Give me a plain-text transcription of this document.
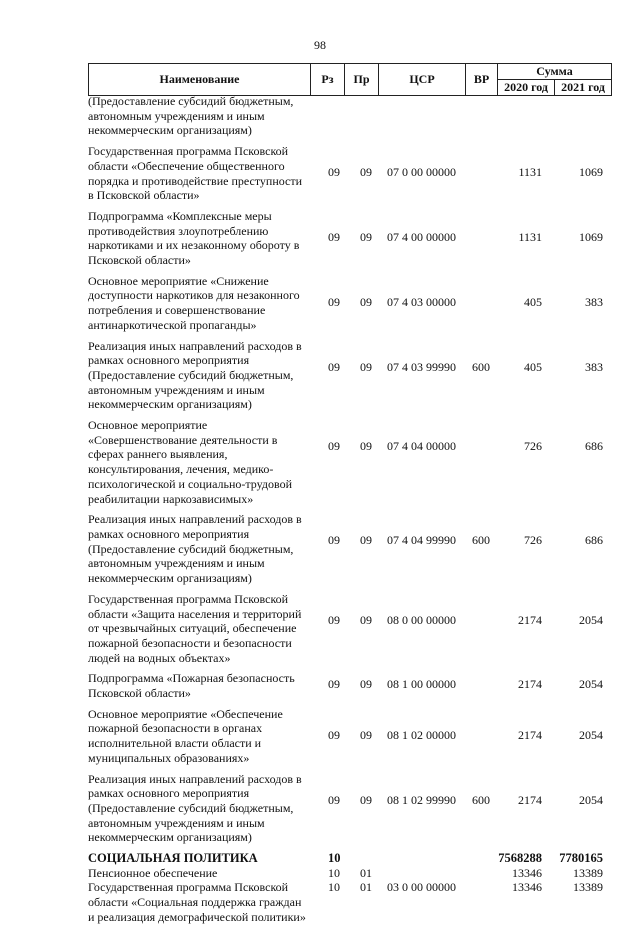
98
Наименование	Рз	Пр	ЦСР	ВР	Сумма	
					2020 год	2021 год
(Предоставление субсидий бюджетным, автономным учреждениям и иным некоммерческим организациям)						
Государственная программа Псковской области «Обеспечение общественного порядка и противодействие преступности в Псковской области»	09	09	07 0 00 00000		1131	1069
Подпрограмма «Комплексные меры противодействия злоупотреблению наркотиками и их незаконному обороту в Псковской области»	09	09	07 4 00 00000		1131	1069
Основное мероприятие «Снижение доступности наркотиков для незаконного потребления и совершенствование антинаркотической пропаганды»	09	09	07 4 03 00000		405	383
Реализация иных направлений расходов в рамках основного мероприятия (Предоставление субсидий бюджетным, автономным учреждениям и иным некоммерческим организациям)	09	09	07 4 03 99990	600	405	383
Основное мероприятие «Совершенствование деятельности в сферах раннего выявления, консультирования, лечения, медико-психологической и социально-трудовой реабилитации наркозависимых»	09	09	07 4 04 00000		726	686
Реализация иных направлений расходов в рамках основного мероприятия (Предоставление субсидий бюджетным, автономным учреждениям и иным некоммерческим организациям)	09	09	07 4 04 99990	600	726	686
Государственная программа Псковской области «Защита населения и территорий от чрезвычайных ситуаций, обеспечение пожарной безопасности и безопасности людей на водных объектах»	09	09	08 0 00 00000		2174	2054
Подпрограмма «Пожарная безопасность Псковской области»	09	09	08 1 00 00000		2174	2054
Основное мероприятие «Обеспечение пожарной безопасности в органах исполнительной власти области и муниципальных образованиях»	09	09	08 1 02 00000		2174	2054
Реализация иных направлений расходов в рамках основного мероприятия (Предоставление субсидий бюджетным, автономным учреждениям и иным некоммерческим организациям)	09	09	08 1 02 99990	600	2174	2054
СОЦИАЛЬНАЯ ПОЛИТИКА	10				7568288	7780165
Пенсионное обеспечение	10	01			13346	13389
Государственная программа Псковской области «Социальная поддержка граждан и реализация демографической политики»	10	01	03 0 00 00000		13346	13389
